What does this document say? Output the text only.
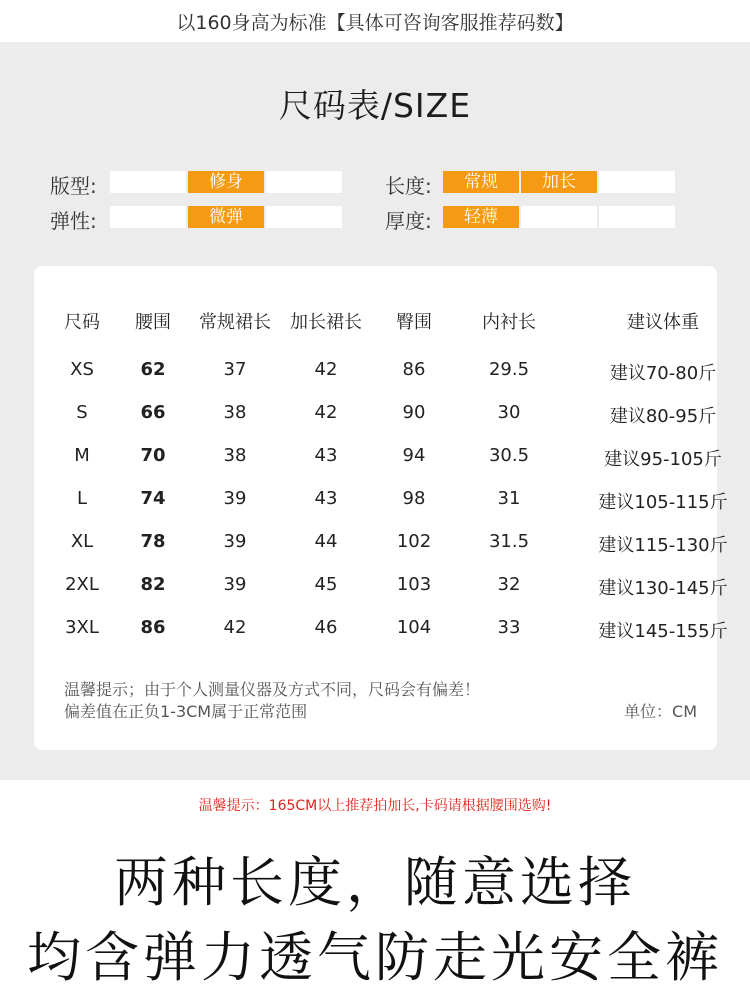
以160身高为标准【具体可咨询客服推荐码数】
尺码表/SIZE
版型:	修身
弹性:	微弹
长度:	常规	加长
厚度:	轻薄
尺码 腰围 常规裙长 加长裙长 臀围	内衬长	建议体重
XS	62	37	42	86	29.5	建议70-80斤
S	66	38	42	90	30	建议80-95斤
M	70	38	43	94	30.5	建议95-105斤
L	74	39	43	98	31	建议105-115斤
XL	78	39	44	102	31.5	建议115-130斤
2XL 82	39	45	103	32	建议130-145斤
3XL 86	42	46	104	33	建议145-155斤
温馨提示；由于个人测量仪器及方式不同，尺码会有偏差！
偏差值在正负1-3CM属于正常范围	单位：CM
温馨提示：165CM以上推荐拍加长,卡码请根据腰围选购!
两种长度，随意选择
均含弹力透气防走光安全裤
